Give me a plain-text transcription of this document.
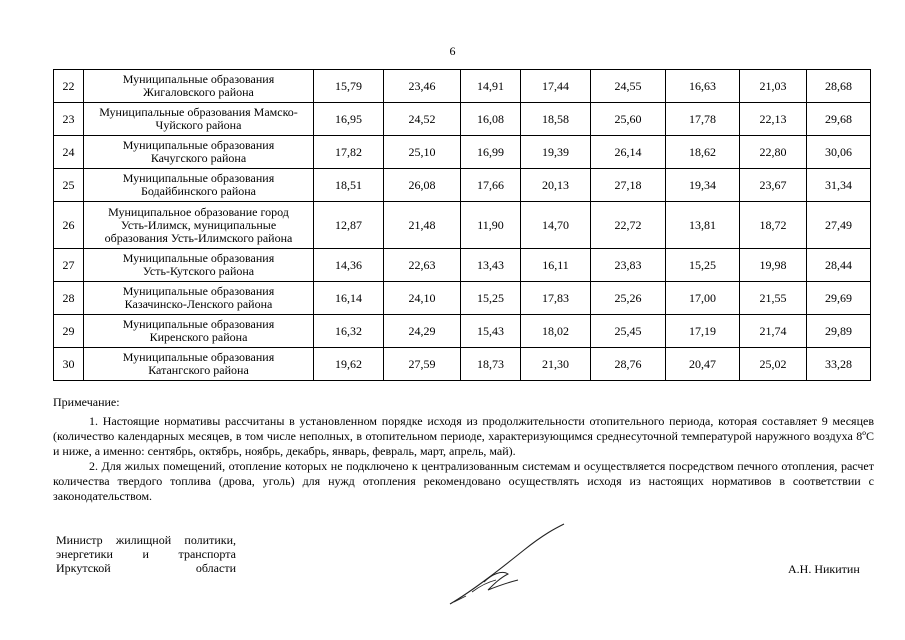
6
22	Муниципальные образования
Жигаловского района	15,79	23,46	14,91	17,44	24,55	16,63	21,03	28,68
23	Муниципальные образования Мамско-
Чуйского района	16,95	24,52	16,08	18,58	25,60	17,78	22,13	29,68
24	Муниципальные образования
Качугского района	17,82	25,10	16,99	19,39	26,14	18,62	22,80	30,06
25	Муниципальные образования
Бодайбинского района	18,51	26,08	17,66	20,13	27,18	19,34	23,67	31,34
26	Муниципальное образование город
Усть-Илимск, муниципальные
образования Усть-Илимского района	12,87	21,48	11,90	14,70	22,72	13,81	18,72	27,49
27	Муниципальные образования
Усть-Кутского района	14,36	22,63	13,43	16,11	23,83	15,25	19,98	28,44
28	Муниципальные образования
Казачинско-Ленского района	16,14	24,10	15,25	17,83	25,26	17,00	21,55	29,69
29	Муниципальные образования
Киренского района	16,32	24,29	15,43	18,02	25,45	17,19	21,74	29,89
30	Муниципальные образования
Катангского района	19,62	27,59	18,73	21,30	28,76	20,47	25,02	33,28

Примечание:

1. Настоящие нормативы рассчитаны в установленном порядке исходя из продолжительности отопительного периода, которая составляет 9 месяцев (количество календарных месяцев, в том числе неполных, в отопительном периоде, характеризующимся среднесуточной температурой наружного воздуха 8ºС и ниже, а именно: сентябрь, октябрь, ноябрь, декабрь, январь, февраль, март, апрель, май).

2. Для жилых помещений, отопление которых не подключено к централизованным системам и осуществляется посредством печного отопления, расчет количества твердого топлива (дрова, уголь) для нужд отопления рекомендовано осуществлять исходя из настоящих нормативов в соответствии с законодательством.

Министр жилищной политики,
энергетики и транспорта
Иркутской области	А.Н. Никитин
